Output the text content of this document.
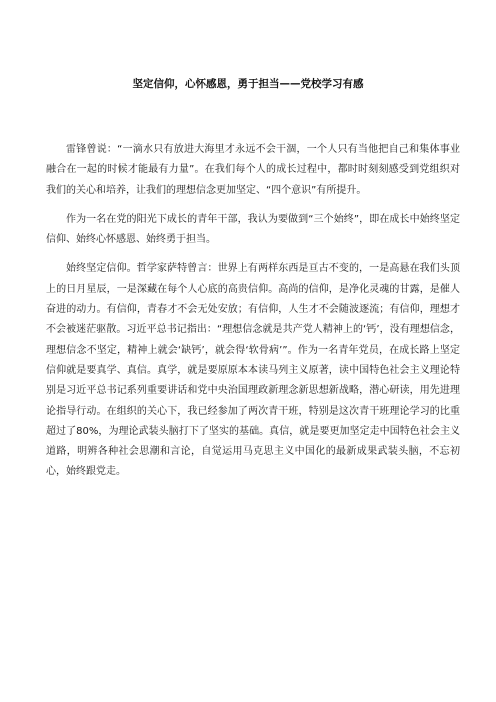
坚定信仰，心怀感恩，勇于担当——党校学习有感

雷锋曾说：“一滴水只有放进大海里才永远不会干涸，一个人只有当他把自己和集体事业融合在一起的时候才能最有力量”。在我们每个人的成长过程中，都时时刻刻感受到党组织对我们的关心和培养，让我们的理想信念更加坚定、“四个意识”有所提升。

作为一名在党的阳光下成长的青年干部，我认为要做到“三个始终”，即在成长中始终坚定信仰、始终心怀感恩、始终勇于担当。

始终坚定信仰。哲学家萨特曾言：世界上有两样东西是亘古不变的，一是高悬在我们头顶上的日月星辰，一是深藏在每个人心底的高贵信仰。高尚的信仰，是净化灵魂的甘露，是催人奋进的动力。有信仰，青春才不会无处安放；有信仰，人生才不会随波逐流；有信仰，理想才不会被迷茫驱散。习近平总书记指出：“理想信念就是共产党人精神上的‘钙’，没有理想信念，理想信念不坚定，精神上就会‘缺钙’，就会得‘软骨病’”。作为一名青年党员，在成长路上坚定信仰就是要真学、真信。真学，就是要原原本本读马列主义原著，读中国特色社会主义理论特别是习近平总书记系列重要讲话和党中央治国理政新理念新思想新战略，潜心研读，用先进理论指导行动。在组织的关心下，我已经参加了两次青干班，特别是这次青干班理论学习的比重超过了80%，为理论武装头脑打下了坚实的基础。真信，就是要更加坚定走中国特色社会主义道路，明辨各种社会思潮和言论，自觉运用马克思主义中国化的最新成果武装头脑，不忘初心，始终跟党走。
